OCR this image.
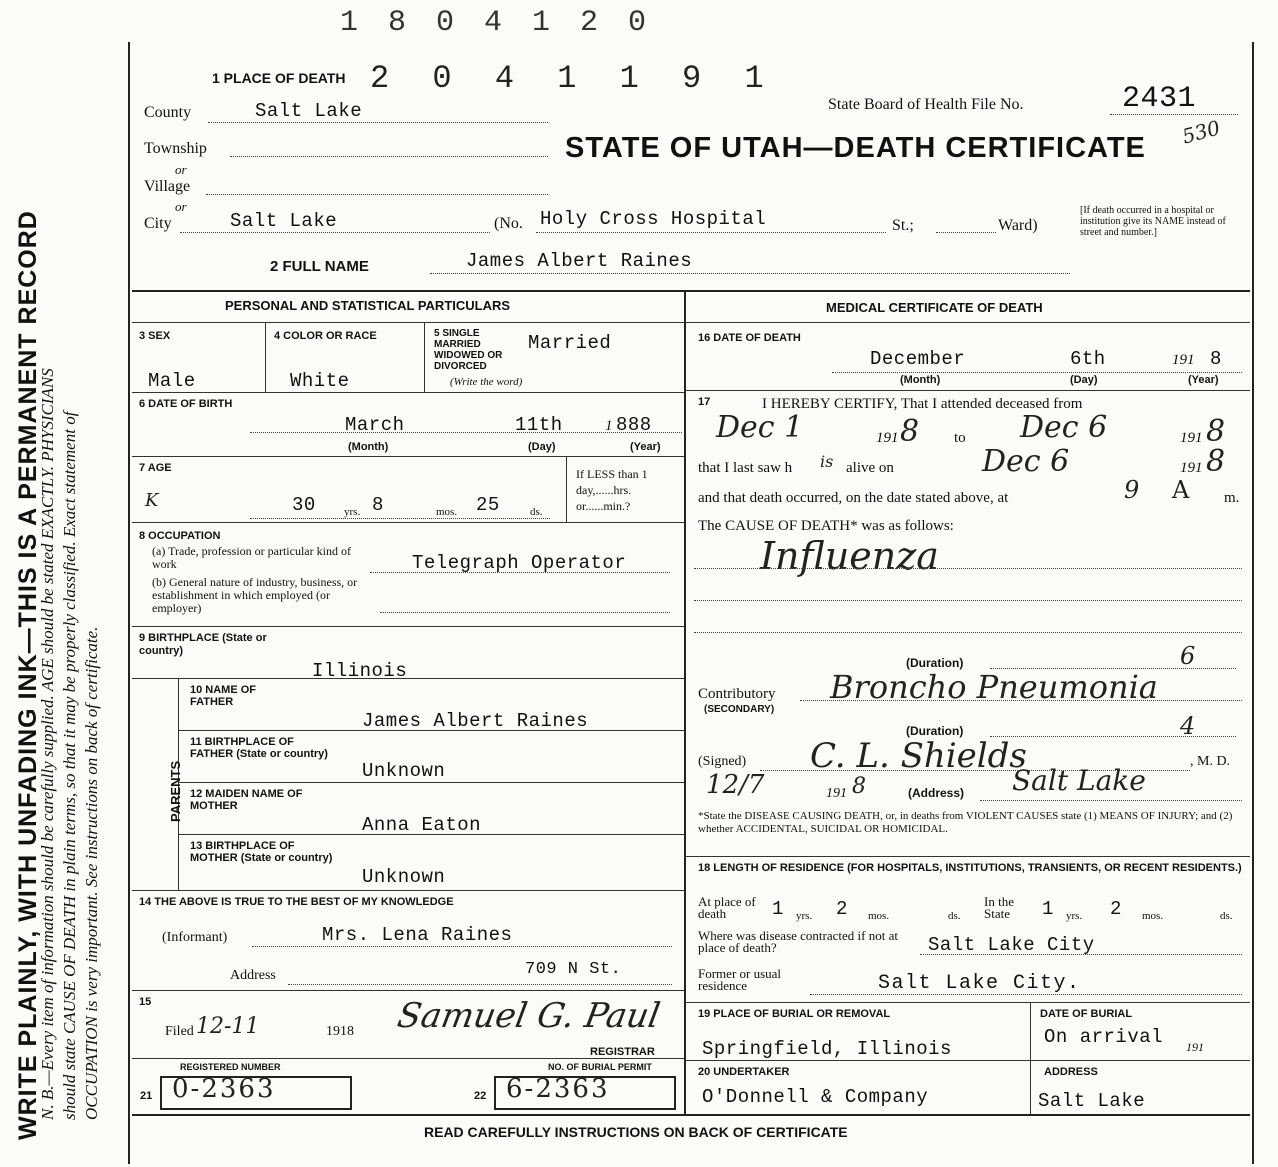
WRITE PLAINLY, WITH UNFADING INK—THIS IS A PERMANENT RECORD
N. B.—Every item of information should be carefully supplied. AGE should be stated EXACTLY. PHYSICIANS should state CAUSE OF DEATH in plain terms, so that it may be properly classified. Exact statement of OCCUPATION is very important. See instructions on back of certificate.
1 8 0 4 1 2 0
2 0 4 1 1 9 1
1 PLACE OF DEATH
County	Salt Lake
Township
or
Village
or
City	Salt Lake	(No. Holy Cross Hospital	St.;	Ward)
[If death occurred in a hospital or institution give its NAME instead of street and number.]
State Board of Health File No.	2431
530
STATE OF UTAH—DEATH CERTIFICATE
2 FULL NAME	James Albert Raines
PERSONAL AND STATISTICAL PARTICULARS
3 SEX
Male
4 COLOR OR RACE
White
5 SINGLE MARRIED WIDOWED OR DIVORCED
(Write the word)
Married
6 DATE OF BIRTH
March	11th	1 888
(Month)	(Day)	(Year)
7 AGE
K	30	yrs. 8	mos. 25	ds.
If LESS than 1 day,......hrs. or......min.?
8 OCCUPATION
(a) Trade, profession or particular kind of work	Telegraph Operator
(b) General nature of industry, business, or establishment in which employed (or employer)
9 BIRTHPLACE (State or country)
Illinois
PARENTS
10 NAME OF FATHER
James Albert Raines
11 BIRTHPLACE OF FATHER (State or country)
Unknown
12 MAIDEN NAME OF MOTHER
Anna Eaton
13 BIRTHPLACE OF MOTHER (State or country)
Unknown
14 THE ABOVE IS TRUE TO THE BEST OF MY KNOWLEDGE
(Informant)	Mrs. Lena Raines
Address	709 N St.
15
Filed 12-11	1918 Samuel G. Paul
REGISTRAR
REGISTERED NUMBER
21 0-2363
NO. OF BURIAL PERMIT
22 6-2363
MEDICAL CERTIFICATE OF DEATH
16 DATE OF DEATH
December	6th	191 8
(Month)	(Day)	(Year)
17	I HEREBY CERTIFY, That I attended deceased from
Dec 1	191 8 to Dec 6	191 8
that I last saw h is alive on	Dec 6	191 8
and that death occurred, on the date stated above, at	9 A m.
The CAUSE OF DEATH* was as follows:
Influenza
(Duration)	6
Contributory
(SECONDARY)
Broncho Pneumonia
(Duration)	4
(Signed) C. L. Shields	, M. D.
12/7	191 8	(Address) Salt Lake
*State the DISEASE CAUSING DEATH, or, in deaths from VIOLENT CAUSES state (1) MEANS OF INJURY; and (2) whether ACCIDENTAL, SUICIDAL OR HOMICIDAL.
18 LENGTH OF RESIDENCE (FOR HOSPITALS, INSTITUTIONS, TRANSIENTS, OR RECENT RESIDENTS.)
At place of death	1 yrs. 2 mos.	ds.
In the State	1 yrs. 2 mos.	ds.
Where was disease contracted if not at place of death?	Salt Lake City
Former or usual residence	Salt Lake City.
19 PLACE OF BURIAL OR REMOVAL
Springfield, Illinois
DATE OF BURIAL
On arrival 191
20 UNDERTAKER
O'Donnell & Company
ADDRESS
Salt Lake
READ CAREFULLY INSTRUCTIONS ON BACK OF CERTIFICATE
